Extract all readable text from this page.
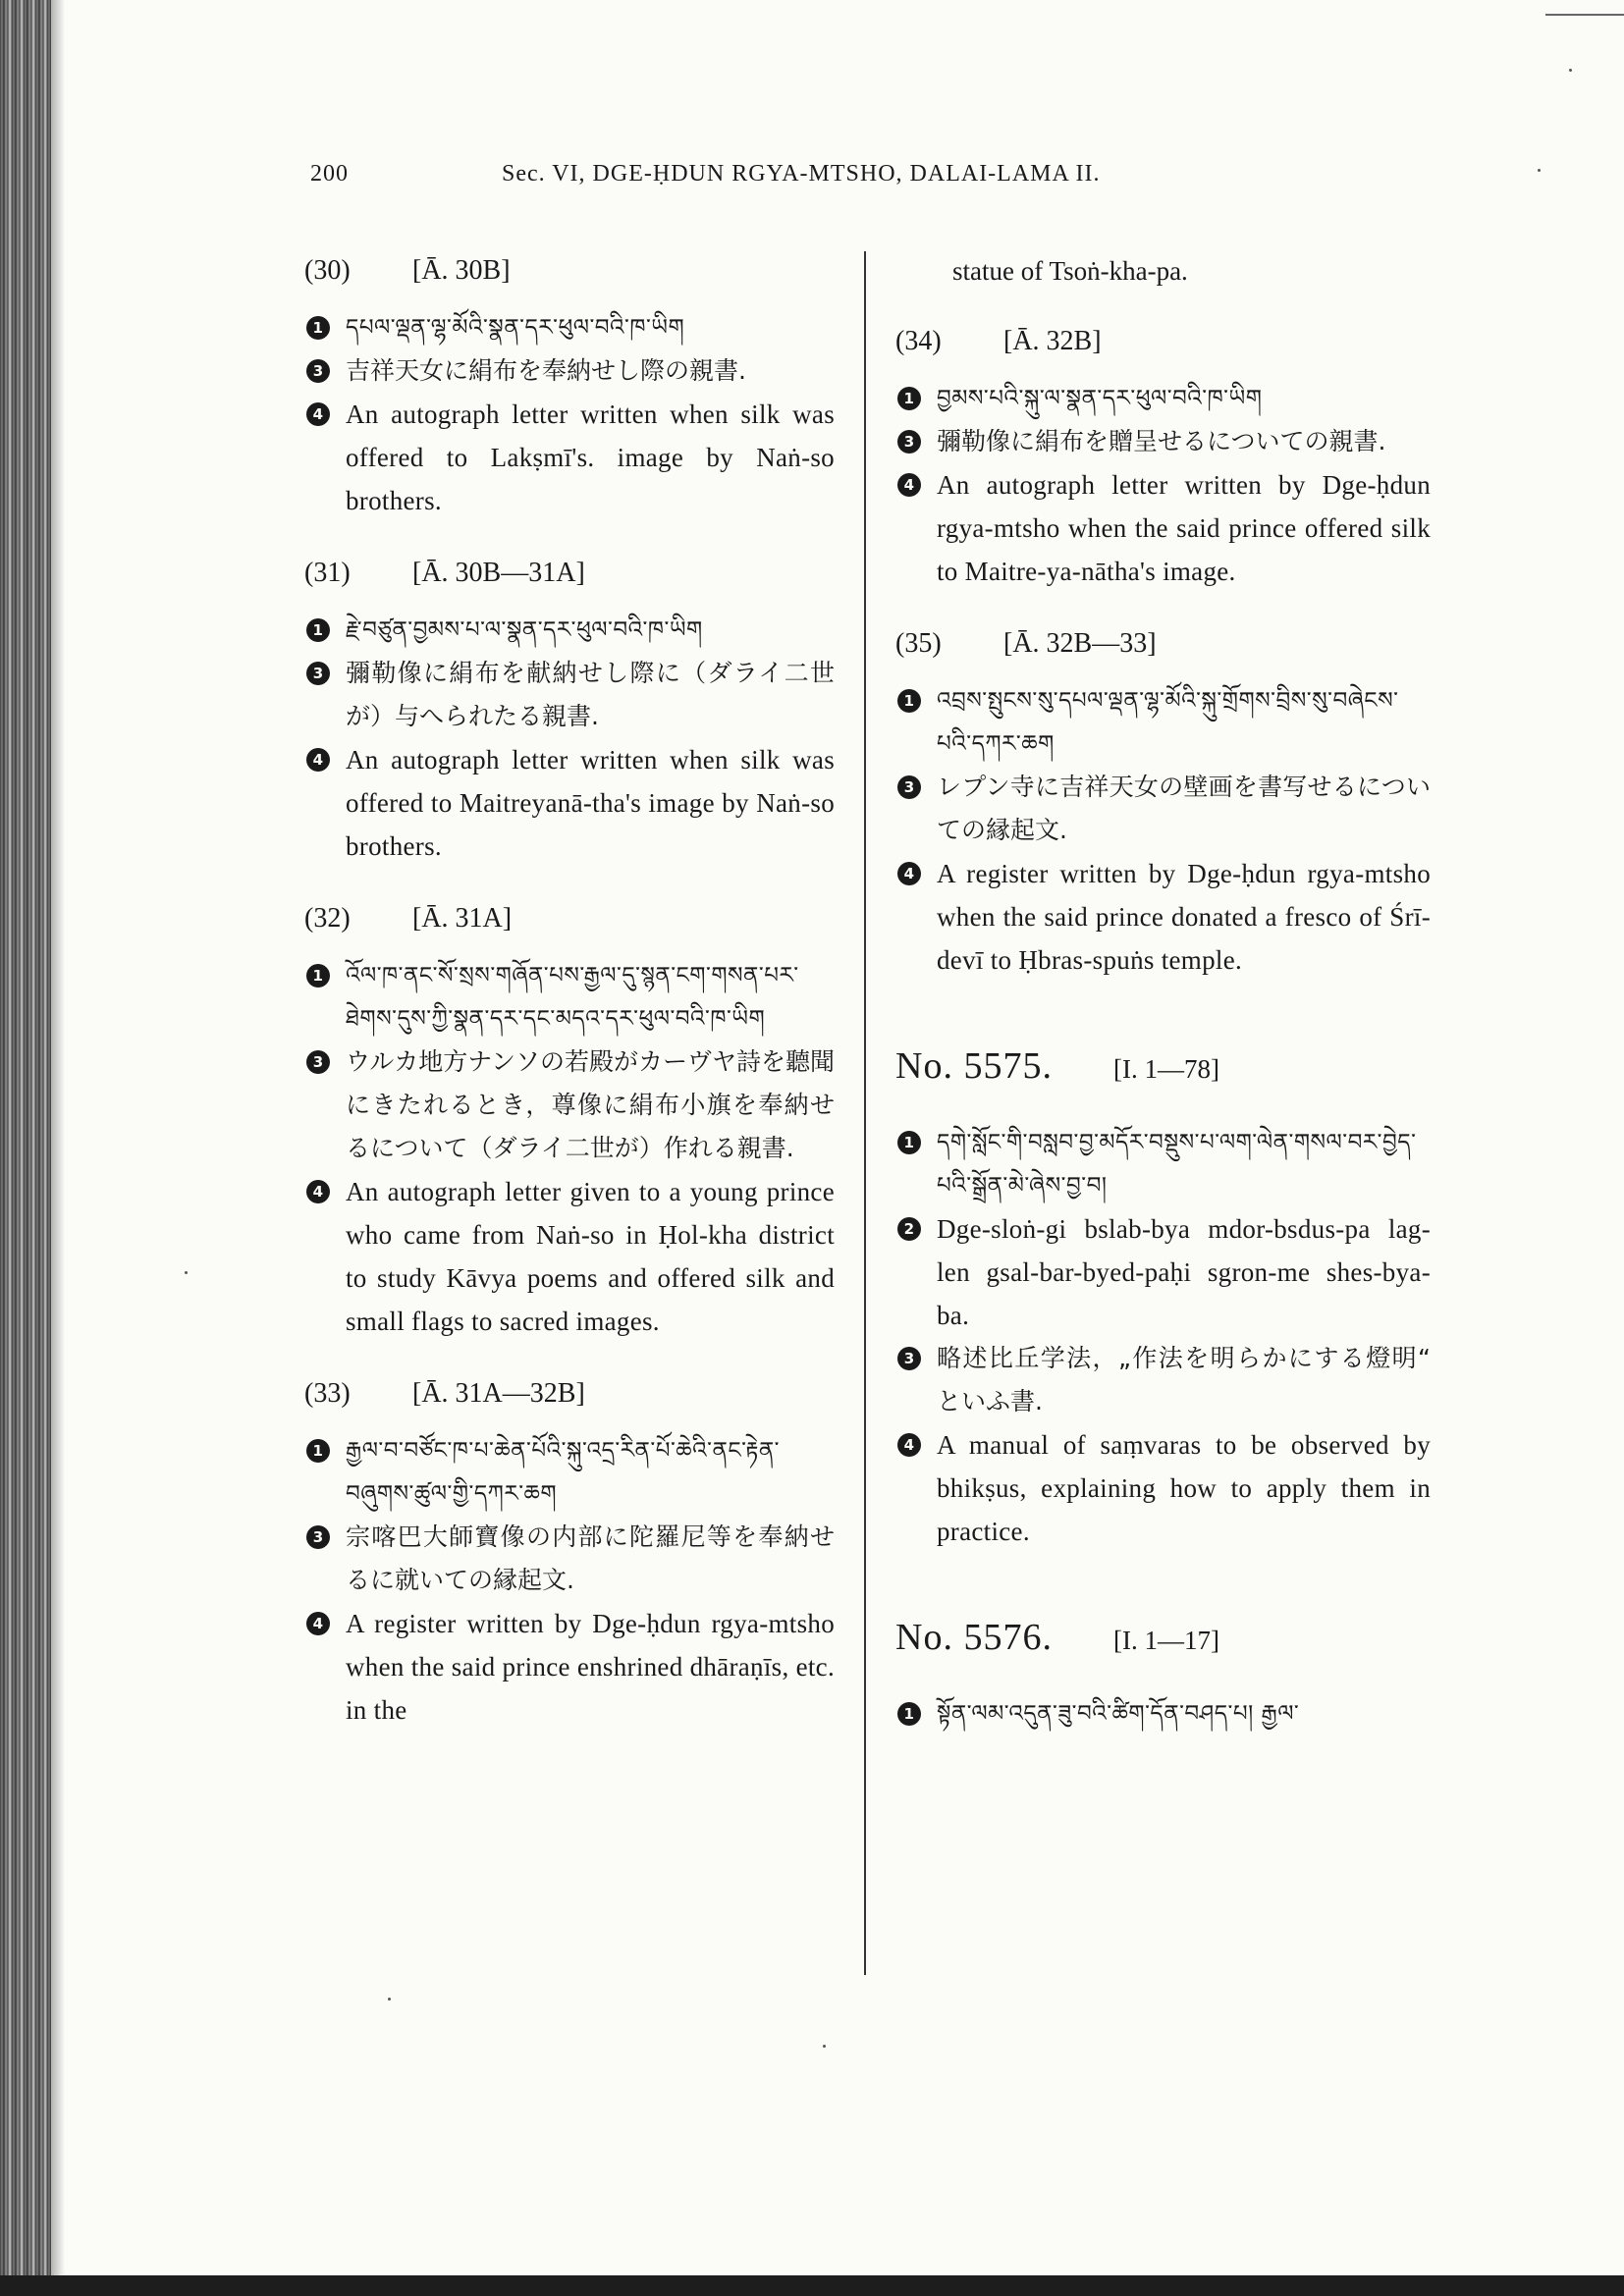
200	Sec. VI, DGE-ḤDUN RGYA-MTSHO, DALAI-LAMA II.
(30)	[Ā. 30B]
1 དཔལ་ལྡན་ལྷ་མོའི་སྣན་དར་ཕུལ་བའི་ཁ་ཡིག
3 吉祥天女に絹布を奉納せし際の親書.
4 An autograph letter written when silk was offered to Lakṣmī's. image by Naṅ-so brothers.
(31)	[Ā. 30B—31A]
1 རྗེ་བཙུན་བྱམས་པ་ལ་སྣན་དར་ཕུལ་བའི་ཁ་ཡིག
3 彌勒像に絹布を献納せし際に（ダライ二世が）与へられたる親書.
4 An autograph letter written when silk was offered to Maitreyanā-tha's image by Naṅ-so brothers.
(32)	[Ā. 31A]
1 འོལ་ཁ་ནང་སོ་སྲས་གཞོན་པས་རྒྱལ་དུ་སྙན་ངག་གསན་པར་ཐེགས་དུས་ཀྱི་སྣན་དར་དང་མདའ་དར་ཕུལ་བའི་ཁ་ཡིག
3 ウルカ地方ナンソの若殿がカーヴヤ詩を聽聞にきたれるとき，尊像に絹布小旗を奉納せるについて（ダライ二世が）作れる親書.
4 An autograph letter given to a young prince who came from Naṅ-so in Ḥol-kha district to study Kāvya poems and offered silk and small flags to sacred images.
(33)	[Ā. 31A—32B]
1 རྒྱལ་བ་བཙོང་ཁ་པ་ཆེན་པོའི་སྐུ་འདྲ་རིན་པོ་ཆེའི་ནང་རྟེན་བཞུགས་ཚུལ་གྱི་དཀར་ཆག
3 宗喀巴大師寶像の内部に陀羅尼等を奉納せるに就いての縁起文.
4 A register written by Dge-ḥdun rgya-mtsho when the said prince enshrined dhāraṇīs, etc. in the
statue of Tsoṅ-kha-pa.
(34)	[Ā. 32B]
1 བྱམས་པའི་སྐུ་ལ་སྣན་དར་ཕུལ་བའི་ཁ་ཡིག
3 彌勒像に絹布を贈呈せるについての親書.
4 An autograph letter written by Dge-ḥdun rgya-mtsho when the said prince offered silk to Maitre-ya-nātha's image.
(35)	[Ā. 32B—33]
1 འབྲས་སྤུངས་སུ་དཔལ་ལྡན་ལྷ་མོའི་སྐུ་གྲོགས་བྲིས་སུ་བཞེངས་པའི་དཀར་ཆག
3 レプン寺に吉祥天女の壁画を書写せるについての縁起文.
4 A register written by Dge-ḥdun rgya-mtsho when the said prince donated a fresco of Śrī-devī to Ḥbras-spuṅs temple.
No. 5575.	[I. 1—78]
1 དགེ་སློང་གི་བསླབ་བྱ་མདོར་བསྡུས་པ་ལག་ལེན་གསལ་བར་བྱེད་པའི་སྒྲོན་མེ་ཞེས་བྱ་བ།
2 Dge-sloṅ-gi bslab-bya mdor-bsdus-pa lag-len gsal-bar-byed-paḥi sgron-me shes-bya-ba.
3 略述比丘学法，„作法を明らかにする燈明“ といふ書.
4 A manual of saṃvaras to be observed by bhikṣus, explaining how to apply them in practice.
No. 5576.	[I. 1—17]
1 སྟོན་ལམ་འདུན་ཟུ་བའི་ཚིག་དོན་བཤད་པ། རྒྱལ་
